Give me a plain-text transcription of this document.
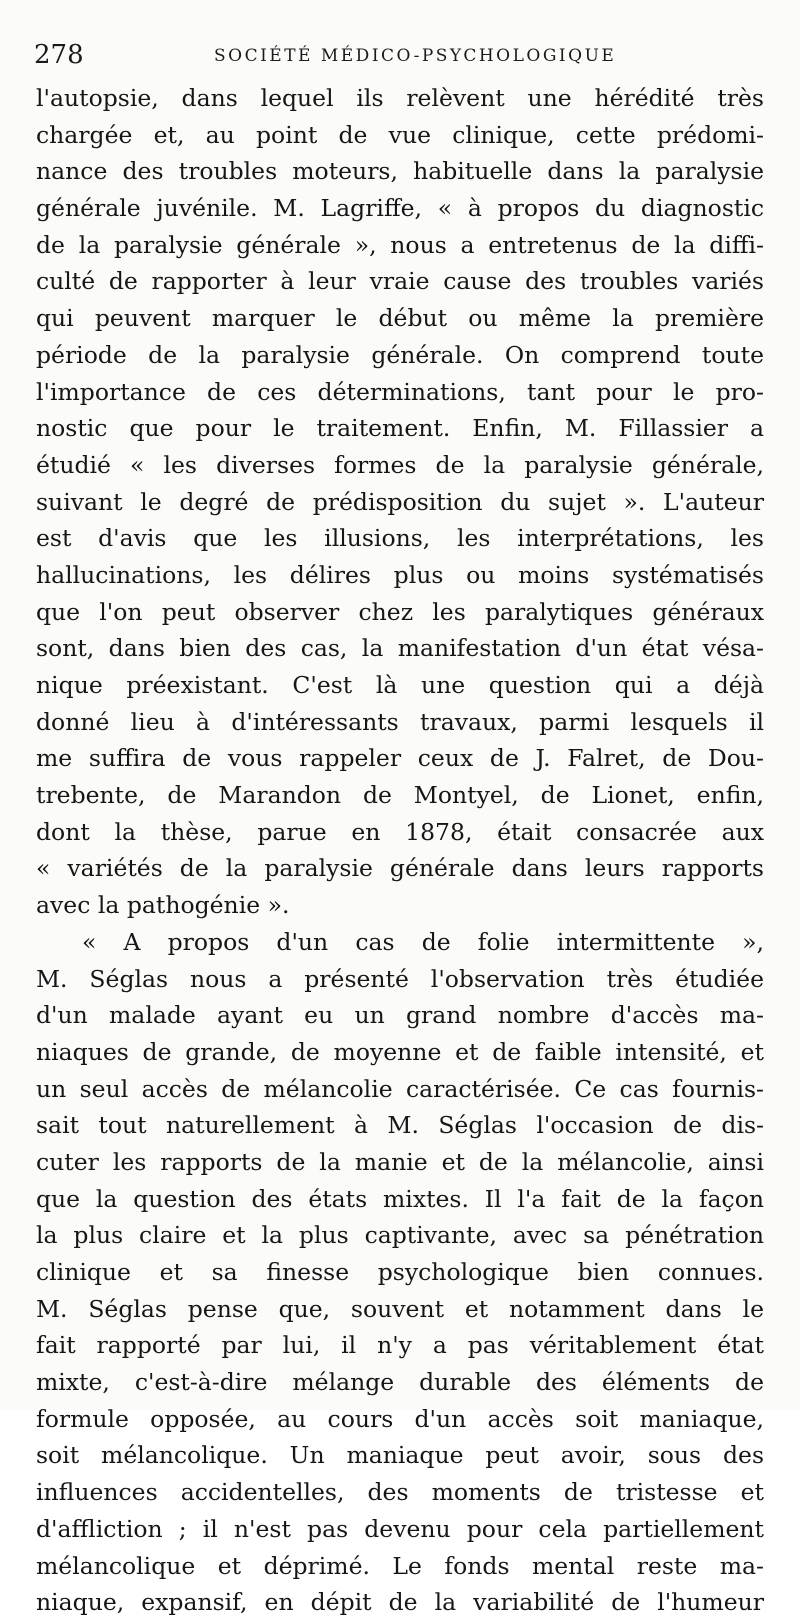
278	SOCIÉTÉ MÉDICO-PSYCHOLOGIQUE
l'autopsie, dans lequel ils relèvent une hérédité très
chargée et, au point de vue clinique, cette prédomi-
nance des troubles moteurs, habituelle dans la paralysie
générale juvénile. M. Lagriffe, « à propos du diagnostic
de la paralysie générale », nous a entretenus de la diffi-
culté de rapporter à leur vraie cause des troubles variés
qui peuvent marquer le début ou même la première
période de la paralysie générale. On comprend toute
l'importance de ces déterminations, tant pour le pro-
nostic que pour le traitement. Enfin, M. Fillassier a
étudié « les diverses formes de la paralysie générale,
suivant le degré de prédisposition du sujet ». L'auteur
est d'avis que les illusions, les interprétations, les
hallucinations, les délires plus ou moins systématisés
que l'on peut observer chez les paralytiques généraux
sont, dans bien des cas, la manifestation d'un état vésa-
nique préexistant. C'est là une question qui a déjà
donné lieu à d'intéressants travaux, parmi lesquels il
me suffira de vous rappeler ceux de J. Falret, de Dou-
trebente, de Marandon de Montyel, de Lionet, enfin,
dont la thèse, parue en 1878, était consacrée aux
« variétés de la paralysie générale dans leurs rapports
avec la pathogénie ».
« A propos d'un cas de folie intermittente »,
M. Séglas nous a présenté l'observation très étudiée
d'un malade ayant eu un grand nombre d'accès ma-
niaques de grande, de moyenne et de faible intensité, et
un seul accès de mélancolie caractérisée. Ce cas fournis-
sait tout naturellement à M. Séglas l'occasion de dis-
cuter les rapports de la manie et de la mélancolie, ainsi
que la question des états mixtes. Il l'a fait de la façon
la plus claire et la plus captivante, avec sa pénétration
clinique et sa finesse psychologique bien connues.
M. Séglas pense que, souvent et notamment dans le
fait rapporté par lui, il n'y a pas véritablement état
mixte, c'est-à-dire mélange durable des éléments de
formule opposée, au cours d'un accès soit maniaque,
soit mélancolique. Un maniaque peut avoir, sous des
influences accidentelles, des moments de tristesse et
d'affliction ; il n'est pas devenu pour cela partiellement
mélancolique et déprimé. Le fonds mental reste ma-
niaque, expansif, en dépit de la variabilité de l'humeur
